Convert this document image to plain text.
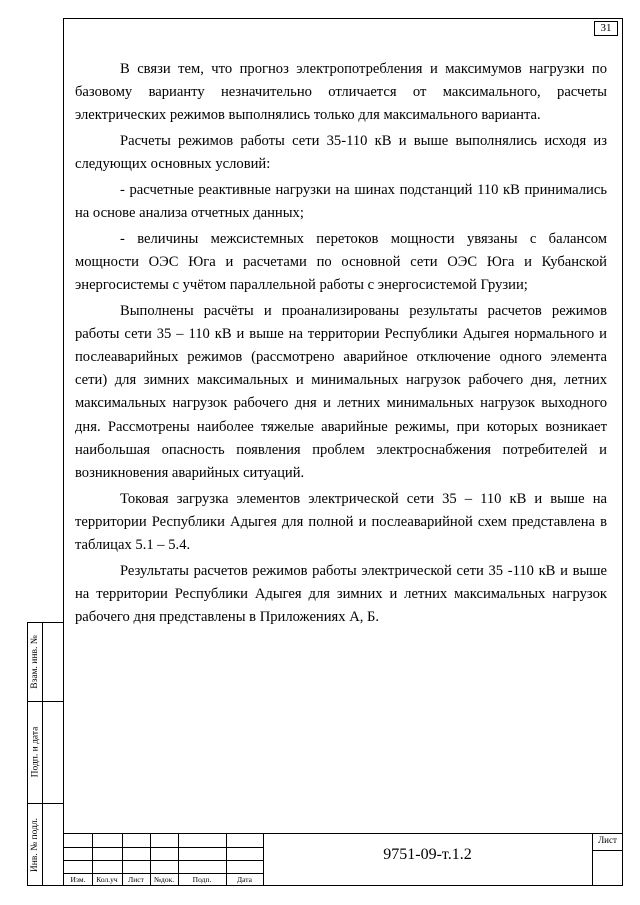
31

В связи тем, что прогноз электропотребления и максимумов нагрузки по базовому варианту незначительно отличается от максимального, расчеты электрических режимов выполнялись только для максимального варианта.

Расчеты режимов работы сети 35-110 кВ и выше выполнялись исходя из следующих основных условий:

- расчетные реактивные нагрузки на шинах подстанций 110 кВ принимались на основе анализа отчетных данных;

- величины межсистемных перетоков мощности увязаны с балансом мощности ОЭС Юга и расчетами по основной сети ОЭС Юга и Кубанской энергосистемы с учётом параллельной работы с энергосистемой Грузии;

Выполнены расчёты и проанализированы результаты расчетов режимов работы сети 35 – 110 кВ и выше на территории Республики Адыгея нормального и послеаварийных режимов (рассмотрено аварийное отключение одного элемента сети) для зимних максимальных и минимальных нагрузок рабочего дня, летних максимальных нагрузок рабочего дня и летних минимальных нагрузок выходного дня. Рассмотрены наиболее тяжелые аварийные режимы, при которых возникает наибольшая опасность появления проблем электроснабжения потребителей и возникновения аварийных ситуаций.

Токовая загрузка элементов электрической сети 35 – 110 кВ и выше на территории Республики Адыгея для полной и послеаварийной схем представлена в таблицах 5.1 – 5.4.

Результаты расчетов режимов работы электрической сети 35 -110 кВ и выше на территории Республики Адыгея для зимних и летних максимальных нагрузок рабочего дня представлены в Приложениях А, Б.

Взам. инв. №
Подп. и дата
Инв. № подл.
Изм.	Кол.уч	Лист	№док.	Подп.	Дата
9751-09-т.1.2
Лист
